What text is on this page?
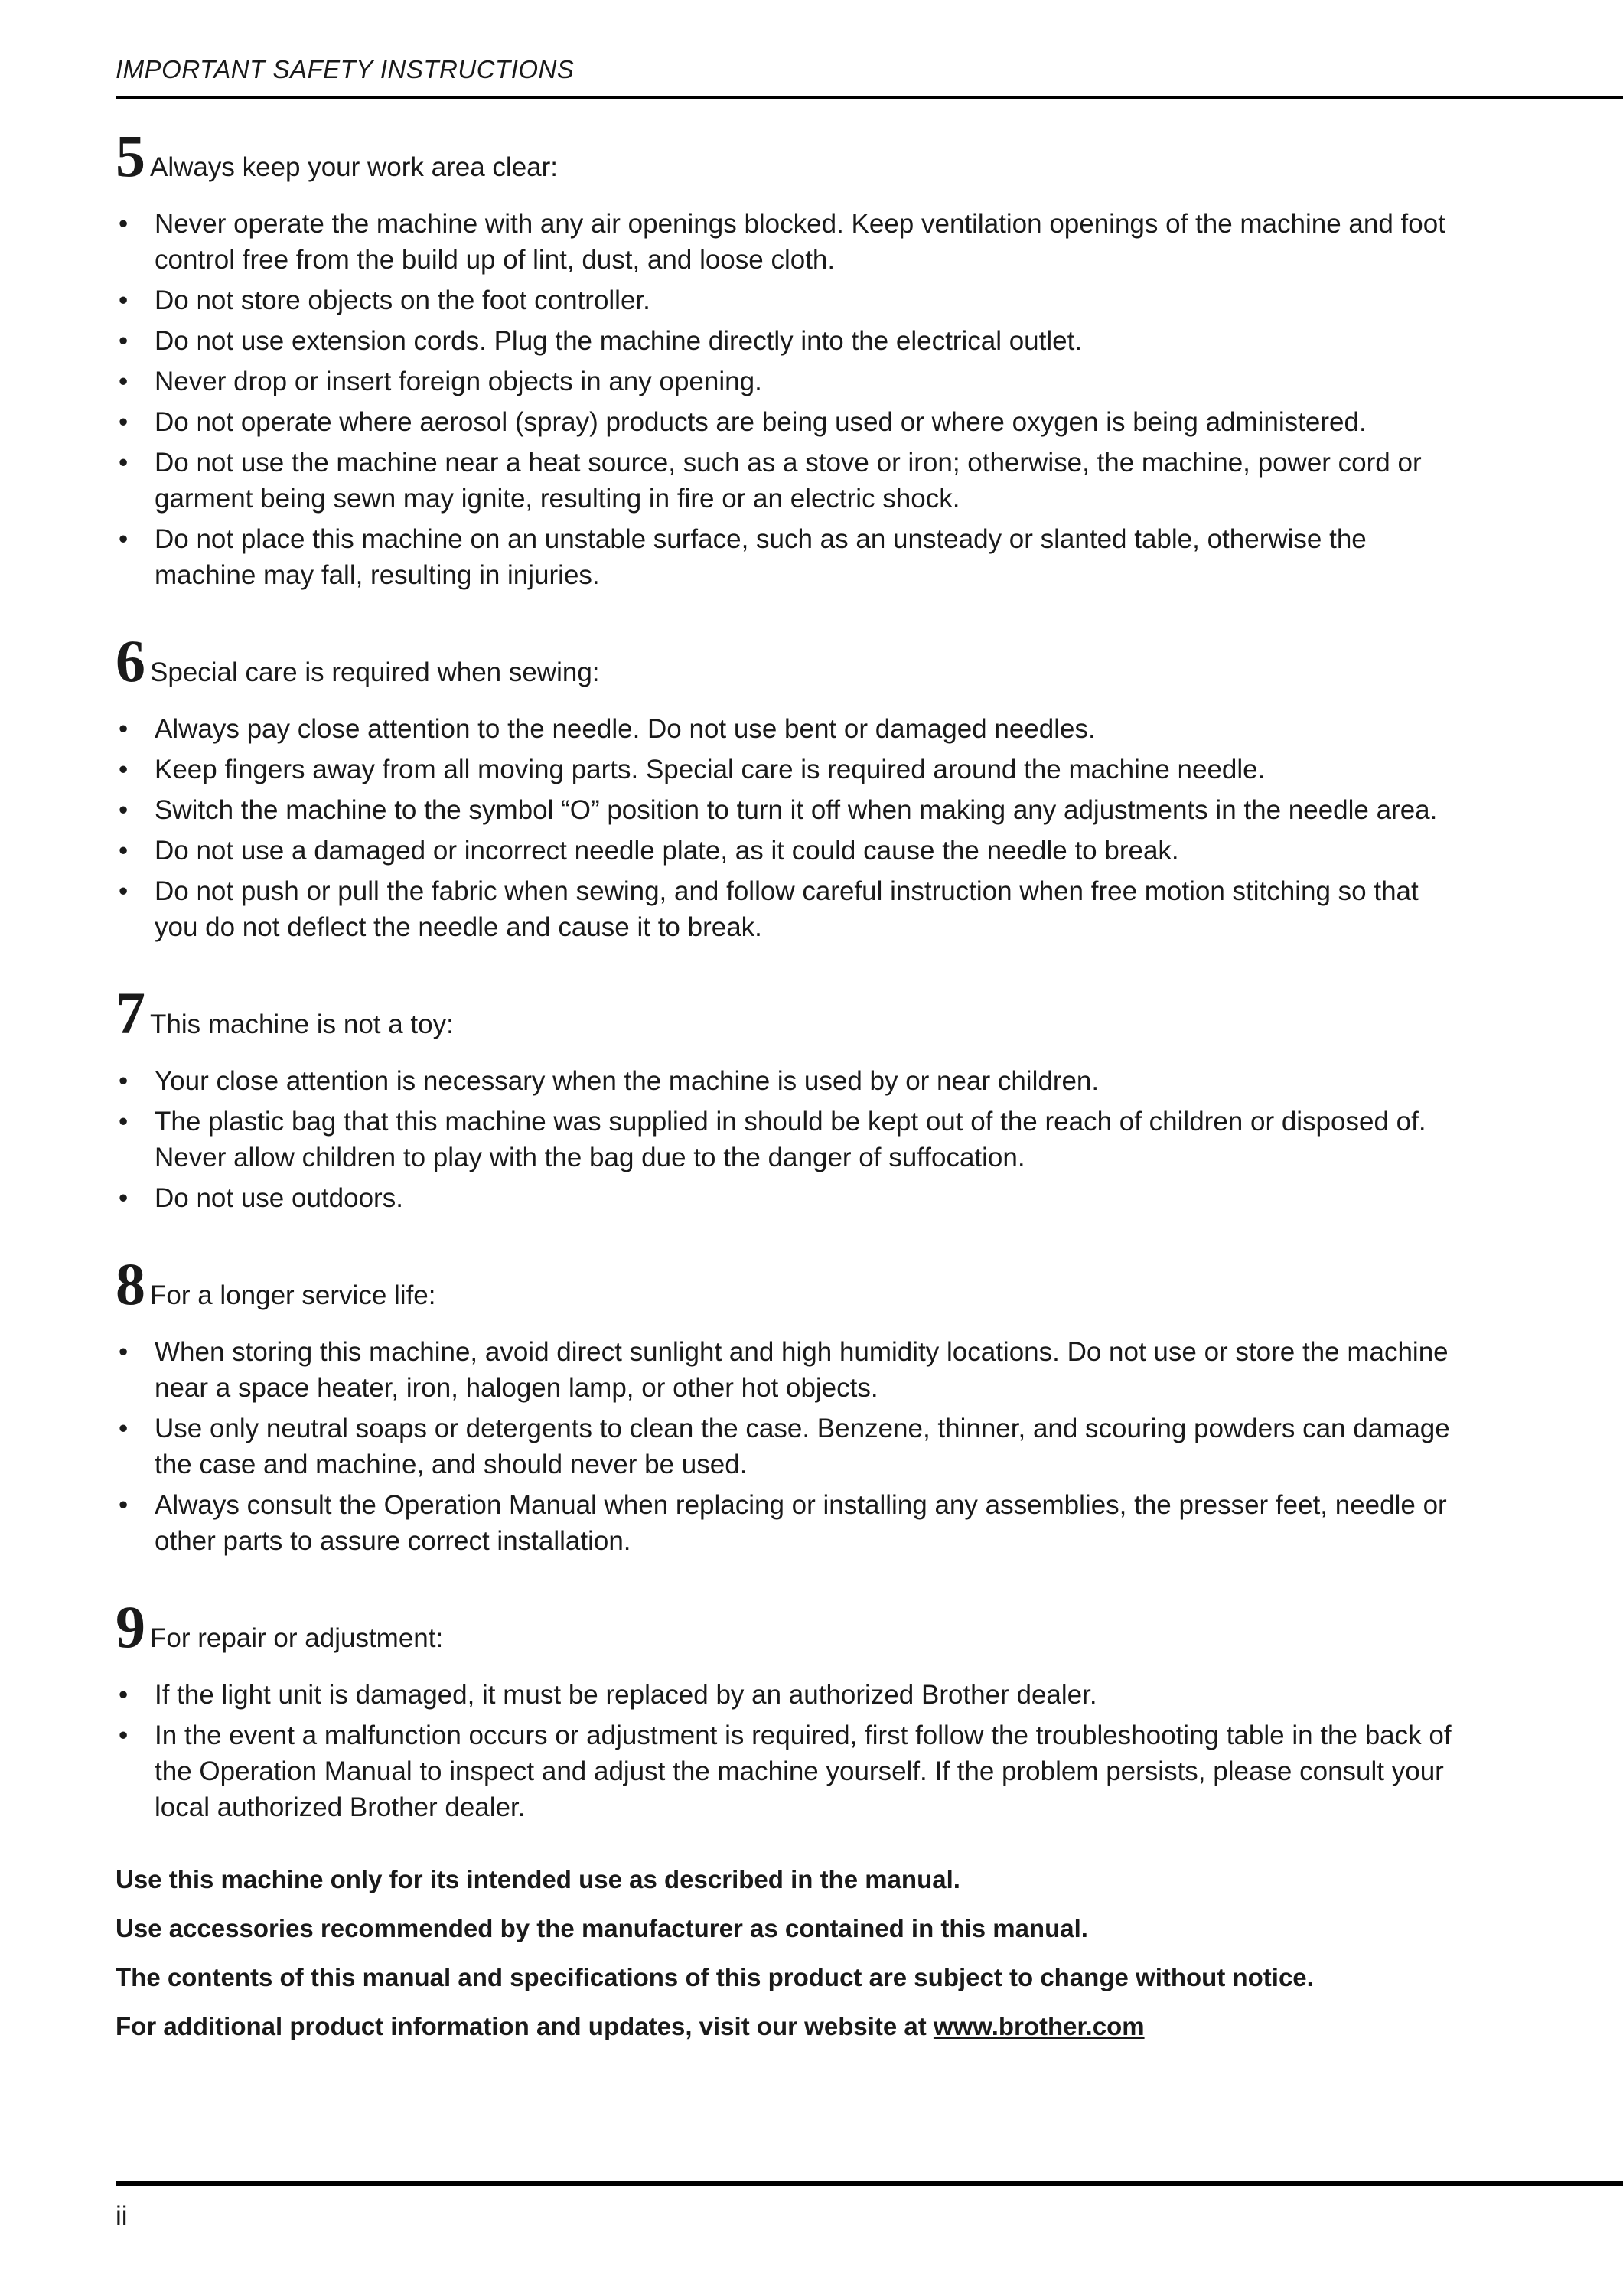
IMPORTANT SAFETY INSTRUCTIONS
5 Always keep your work area clear:
• Never operate the machine with any air openings blocked. Keep ventilation openings of the machine and foot control free from the build up of lint, dust, and loose cloth.
• Do not store objects on the foot controller.
• Do not use extension cords. Plug the machine directly into the electrical outlet.
• Never drop or insert foreign objects in any opening.
• Do not operate where aerosol (spray) products are being used or where oxygen is being administered.
• Do not use the machine near a heat source, such as a stove or iron; otherwise, the machine, power cord or garment being sewn may ignite, resulting in fire or an electric shock.
• Do not place this machine on an unstable surface, such as an unsteady or slanted table, otherwise the machine may fall, resulting in injuries.
6 Special care is required when sewing:
• Always pay close attention to the needle. Do not use bent or damaged needles.
• Keep fingers away from all moving parts. Special care is required around the machine needle.
• Switch the machine to the symbol “O” position to turn it off when making any adjustments in the needle area.
• Do not use a damaged or incorrect needle plate, as it could cause the needle to break.
• Do not push or pull the fabric when sewing, and follow careful instruction when free motion stitching so that you do not deflect the needle and cause it to break.
7 This machine is not a toy:
• Your close attention is necessary when the machine is used by or near children.
• The plastic bag that this machine was supplied in should be kept out of the reach of children or disposed of. Never allow children to play with the bag due to the danger of suffocation.
• Do not use outdoors.
8 For a longer service life:
• When storing this machine, avoid direct sunlight and high humidity locations. Do not use or store the machine near a space heater, iron, halogen lamp, or other hot objects.
• Use only neutral soaps or detergents to clean the case. Benzene, thinner, and scouring powders can damage the case and machine, and should never be used.
• Always consult the Operation Manual when replacing or installing any assemblies, the presser feet, needle or other parts to assure correct installation.
9 For repair or adjustment:
• If the light unit is damaged, it must be replaced by an authorized Brother dealer.
• In the event a malfunction occurs or adjustment is required, first follow the troubleshooting table in the back of the Operation Manual to inspect and adjust the machine yourself. If the problem persists, please consult your local authorized Brother dealer.
Use this machine only for its intended use as described in the manual.
Use accessories recommended by the manufacturer as contained in this manual.
The contents of this manual and specifications of this product are subject to change without notice.
For additional product information and updates, visit our website at www.brother.com
ii
